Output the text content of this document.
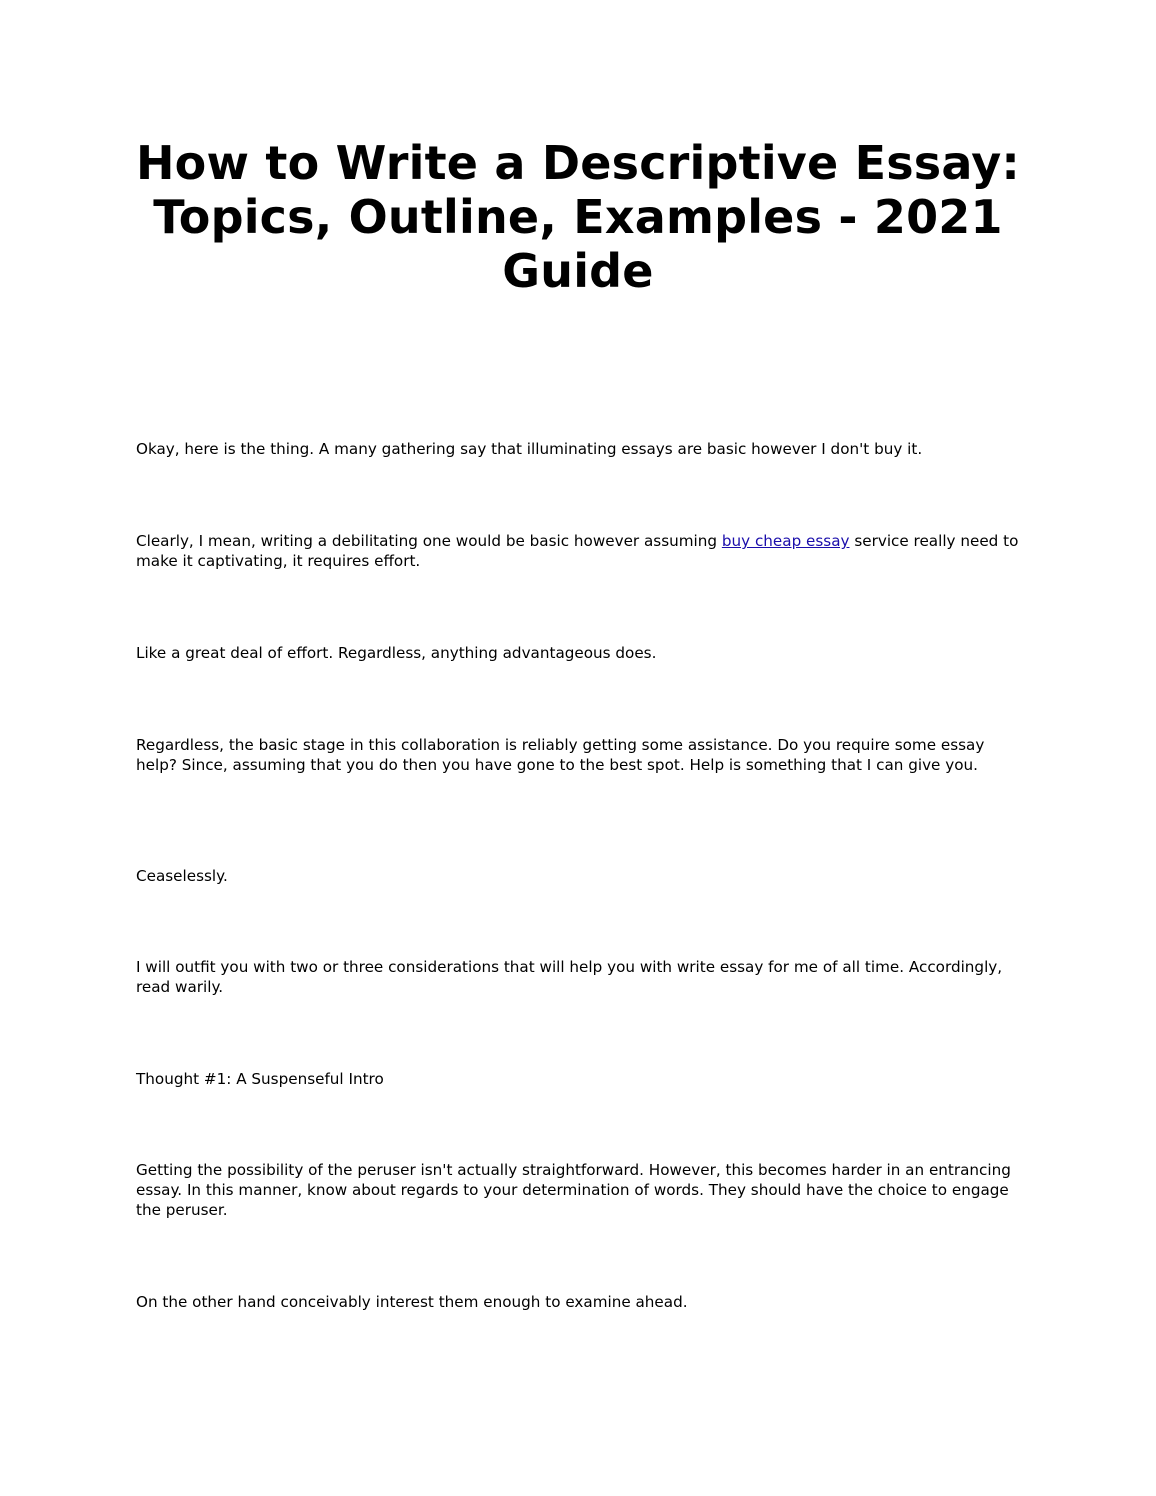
How to Write a Descriptive Essay: Topics, Outline, Examples - 2021 Guide

Okay, here is the thing. A many gathering say that illuminating essays are basic however I don't buy it.

Clearly, I mean, writing a debilitating one would be basic however assuming buy cheap essay service really need to make it captivating, it requires effort.

Like a great deal of effort. Regardless, anything advantageous does.

Regardless, the basic stage in this collaboration is reliably getting some assistance. Do you require some essay help? Since, assuming that you do then you have gone to the best spot. Help is something that I can give you.

Ceaselessly.

I will outfit you with two or three considerations that will help you with write essay for me of all time. Accordingly, read warily.

Thought #1: A Suspenseful Intro

Getting the possibility of the peruser isn't actually straightforward. However, this becomes harder in an entrancing essay. In this manner, know about regards to your determination of words. They should have the choice to engage the peruser.

On the other hand conceivably interest them enough to examine ahead.
